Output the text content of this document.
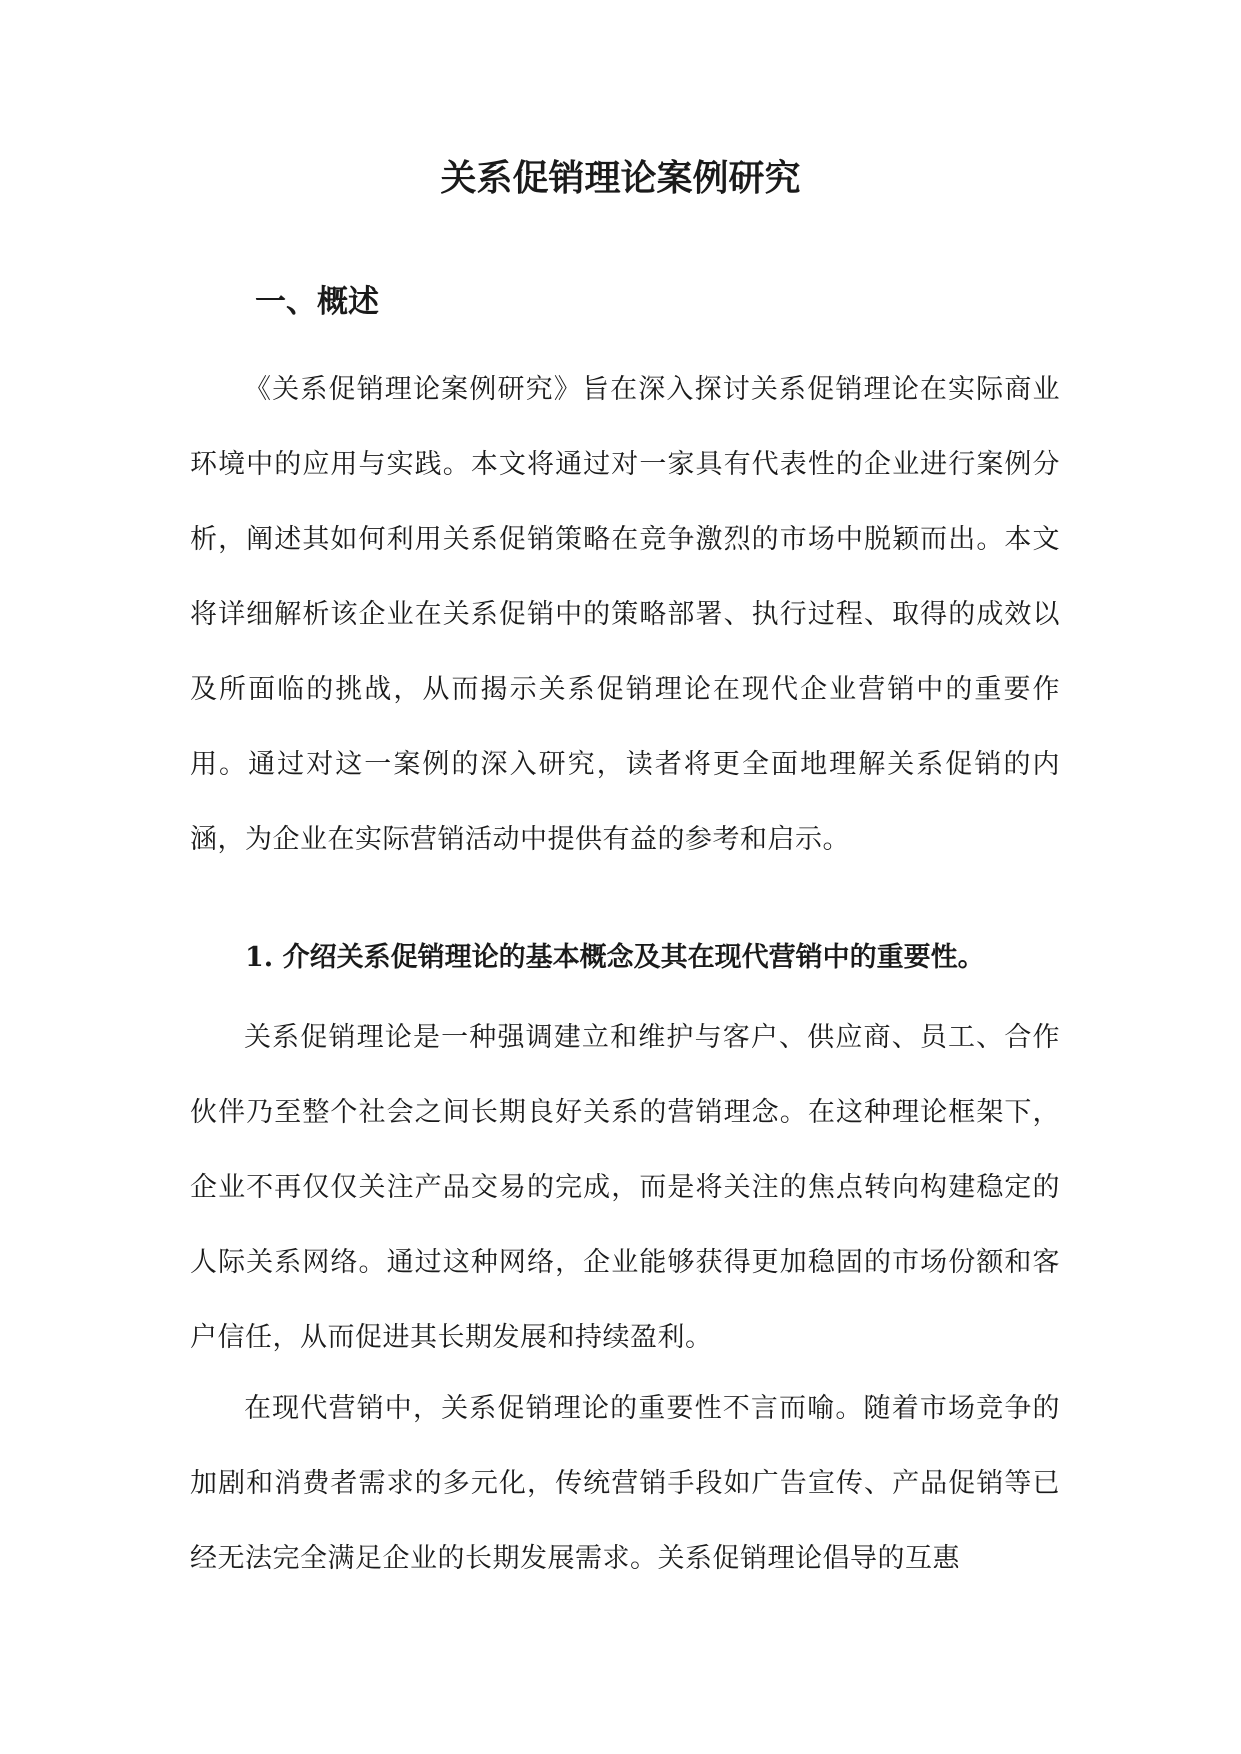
关系促销理论案例研究
一、概述

《关系促销理论案例研究》旨在深入探讨关系促销理论在实际商业环境中的应用与实践。本文将通过对一家具有代表性的企业进行案例分析，阐述其如何利用关系促销策略在竞争激烈的市场中脱颖而出。本文将详细解析该企业在关系促销中的策略部署、执行过程、取得的成效以及所面临的挑战，从而揭示关系促销理论在现代企业营销中的重要作用。通过对这一案例的深入研究，读者将更全面地理解关系促销的内涵，为企业在实际营销活动中提供有益的参考和启示。

1. 介绍关系促销理论的基本概念及其在现代营销中的重要性。

关系促销理论是一种强调建立和维护与客户、供应商、员工、合作伙伴乃至整个社会之间长期良好关系的营销理念。在这种理论框架下，企业不再仅仅关注产品交易的完成，而是将关注的焦点转向构建稳定的人际关系网络。通过这种网络，企业能够获得更加稳固的市场份额和客户信任，从而促进其长期发展和持续盈利。

在现代营销中，关系促销理论的重要性不言而喻。随着市场竞争的加剧和消费者需求的多元化，传统营销手段如广告宣传、产品促销等已经无法完全满足企业的长期发展需求。关系促销理论倡导的互惠
